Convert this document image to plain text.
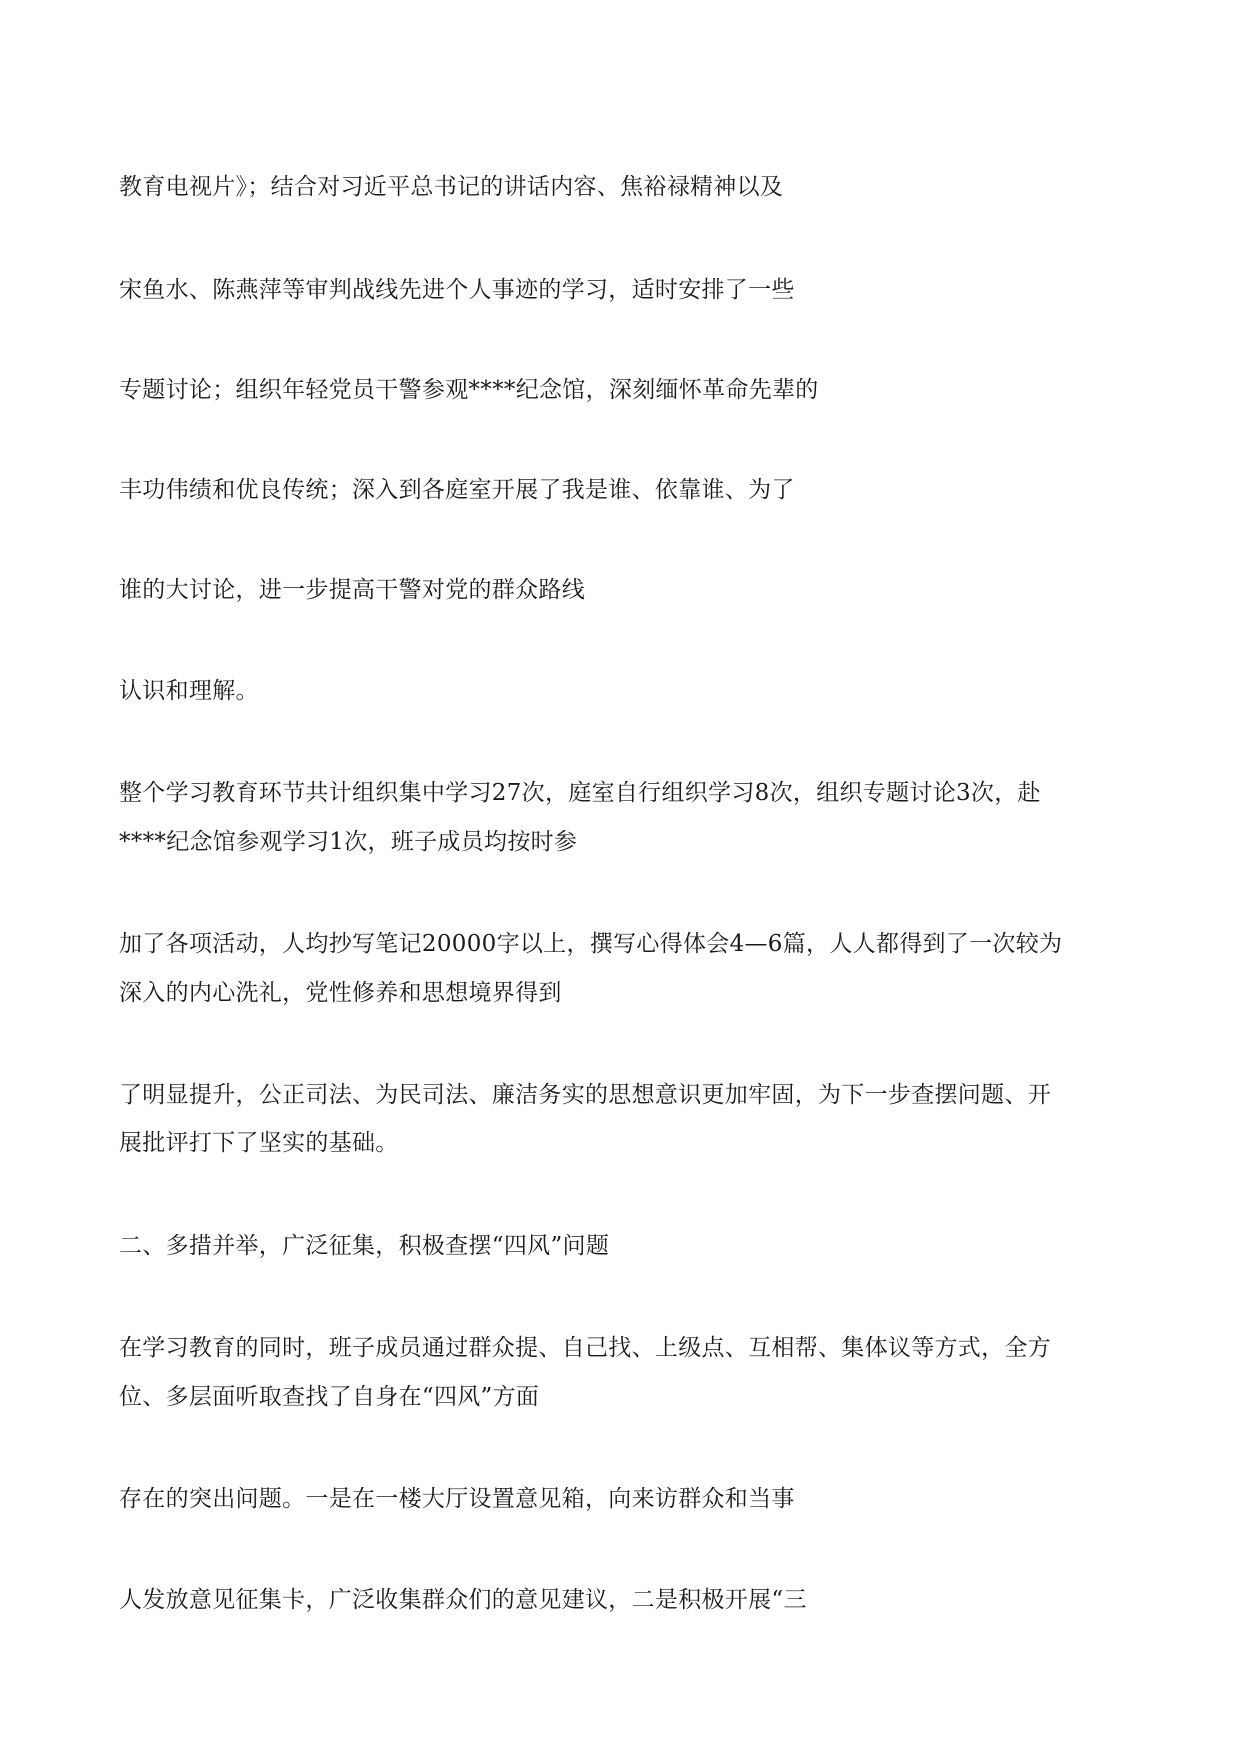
教育电视片》；结合对习近平总书记的讲话内容、焦裕禄精神以及
宋鱼水、陈燕萍等审判战线先进个人事迹的学习，适时安排了一些
专题讨论；组织年轻党员干警参观****纪念馆，深刻缅怀革命先辈的
丰功伟绩和优良传统；深入到各庭室开展了我是谁、依靠谁、为了
谁的大讨论，进一步提高干警对党的群众路线
认识和理解。
整个学习教育环节共计组织集中学习27次，庭室自行组织学习8次，组织专题讨论3次，赴
****纪念馆参观学习1次，班子成员均按时参
加了各项活动，人均抄写笔记20000字以上，撰写心得体会4—6篇，人人都得到了一次较为
深入的内心洗礼，党性修养和思想境界得到
了明显提升，公正司法、为民司法、廉洁务实的思想意识更加牢固，为下一步查摆问题、开
展批评打下了坚实的基础。
二、多措并举，广泛征集，积极查摆“四风”问题
在学习教育的同时，班子成员通过群众提、自己找、上级点、互相帮、集体议等方式，全方
位、多层面听取查找了自身在“四风”方面
存在的突出问题。一是在一楼大厅设置意见箱，向来访群众和当事
人发放意见征集卡，广泛收集群众们的意见建议，二是积极开展“三
